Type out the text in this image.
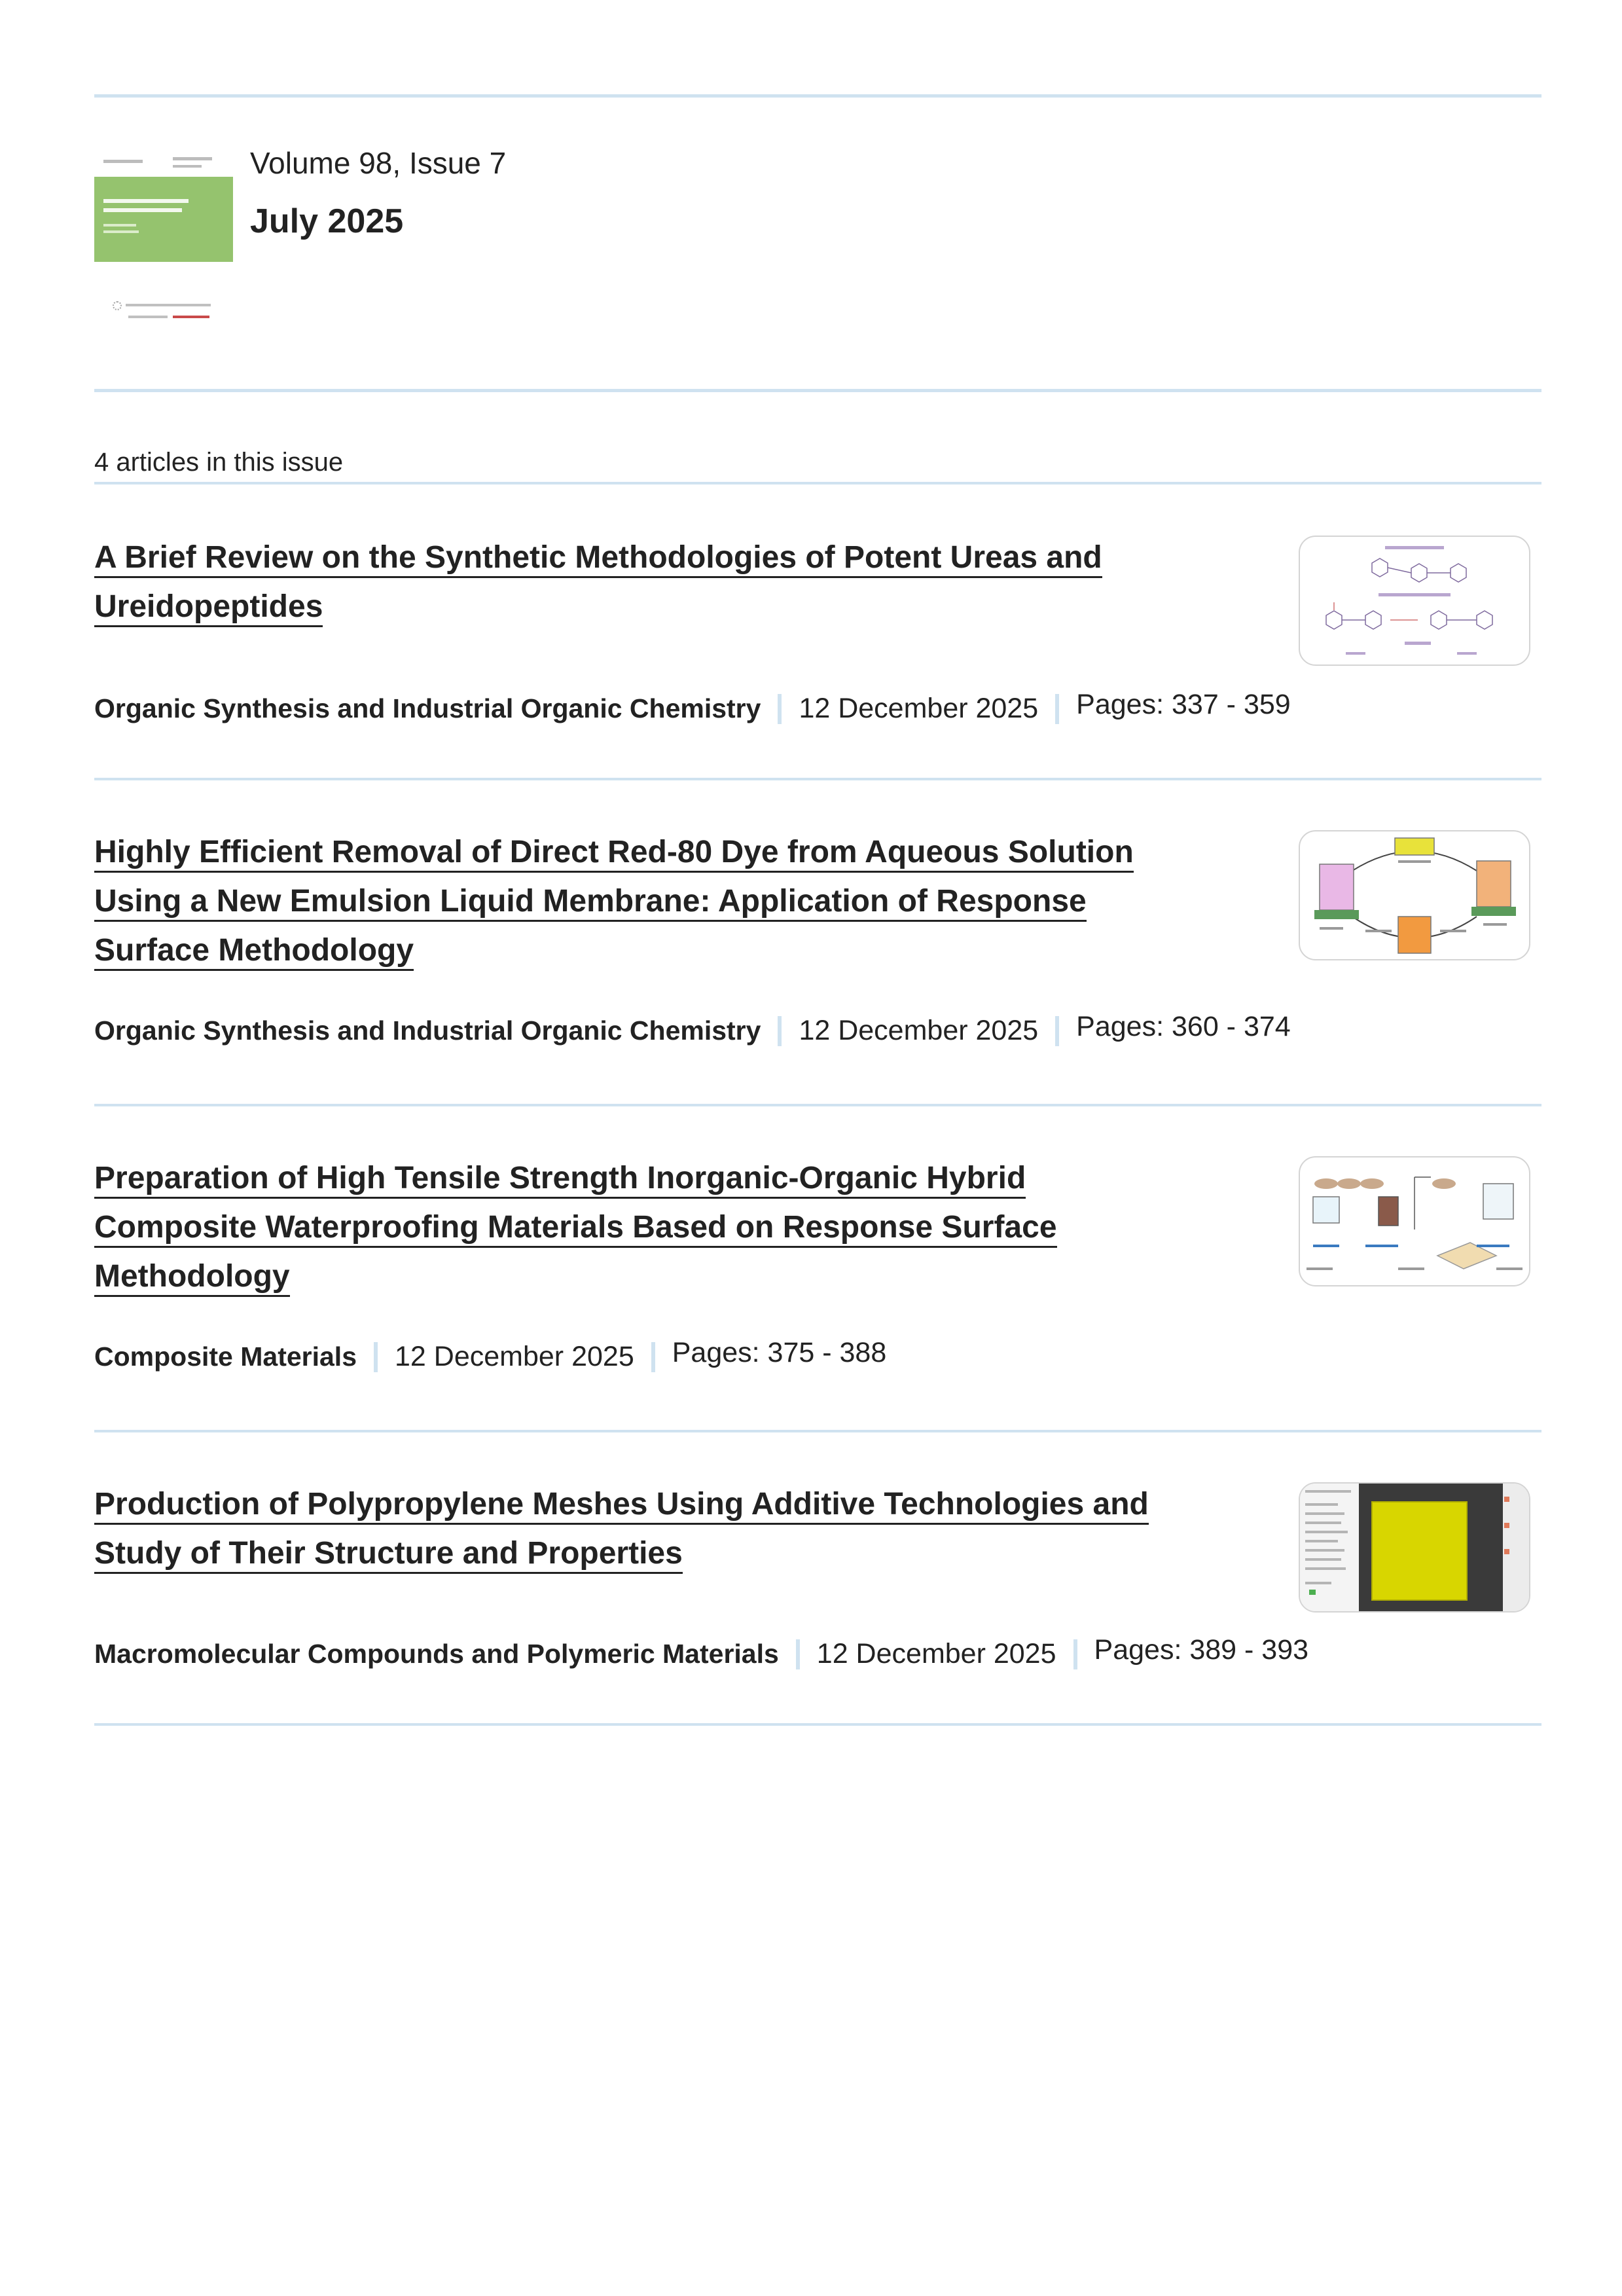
Volume 98, Issue 7
July 2025
4 articles in this issue
A Brief Review on the Synthetic Methodologies of Potent Ureas and
Ureidopeptides
Organic Synthesis and Industrial Organic Chemistry 12 December 2025 Pages: 337 - 359
Highly Efficient Removal of Direct Red-80 Dye from Aqueous Solution
Using a New Emulsion Liquid Membrane: Application of Response
Surface Methodology
Organic Synthesis and Industrial Organic Chemistry 12 December 2025 Pages: 360 - 374
Preparation of High Tensile Strength Inorganic-Organic Hybrid
Composite Waterproofing Materials Based on Response Surface
Methodology
Composite Materials 12 December 2025 Pages: 375 - 388
Production of Polypropylene Meshes Using Additive Technologies and
Study of Their Structure and Properties
Macromolecular Compounds and Polymeric Materials 12 December 2025 Pages: 389 - 393
